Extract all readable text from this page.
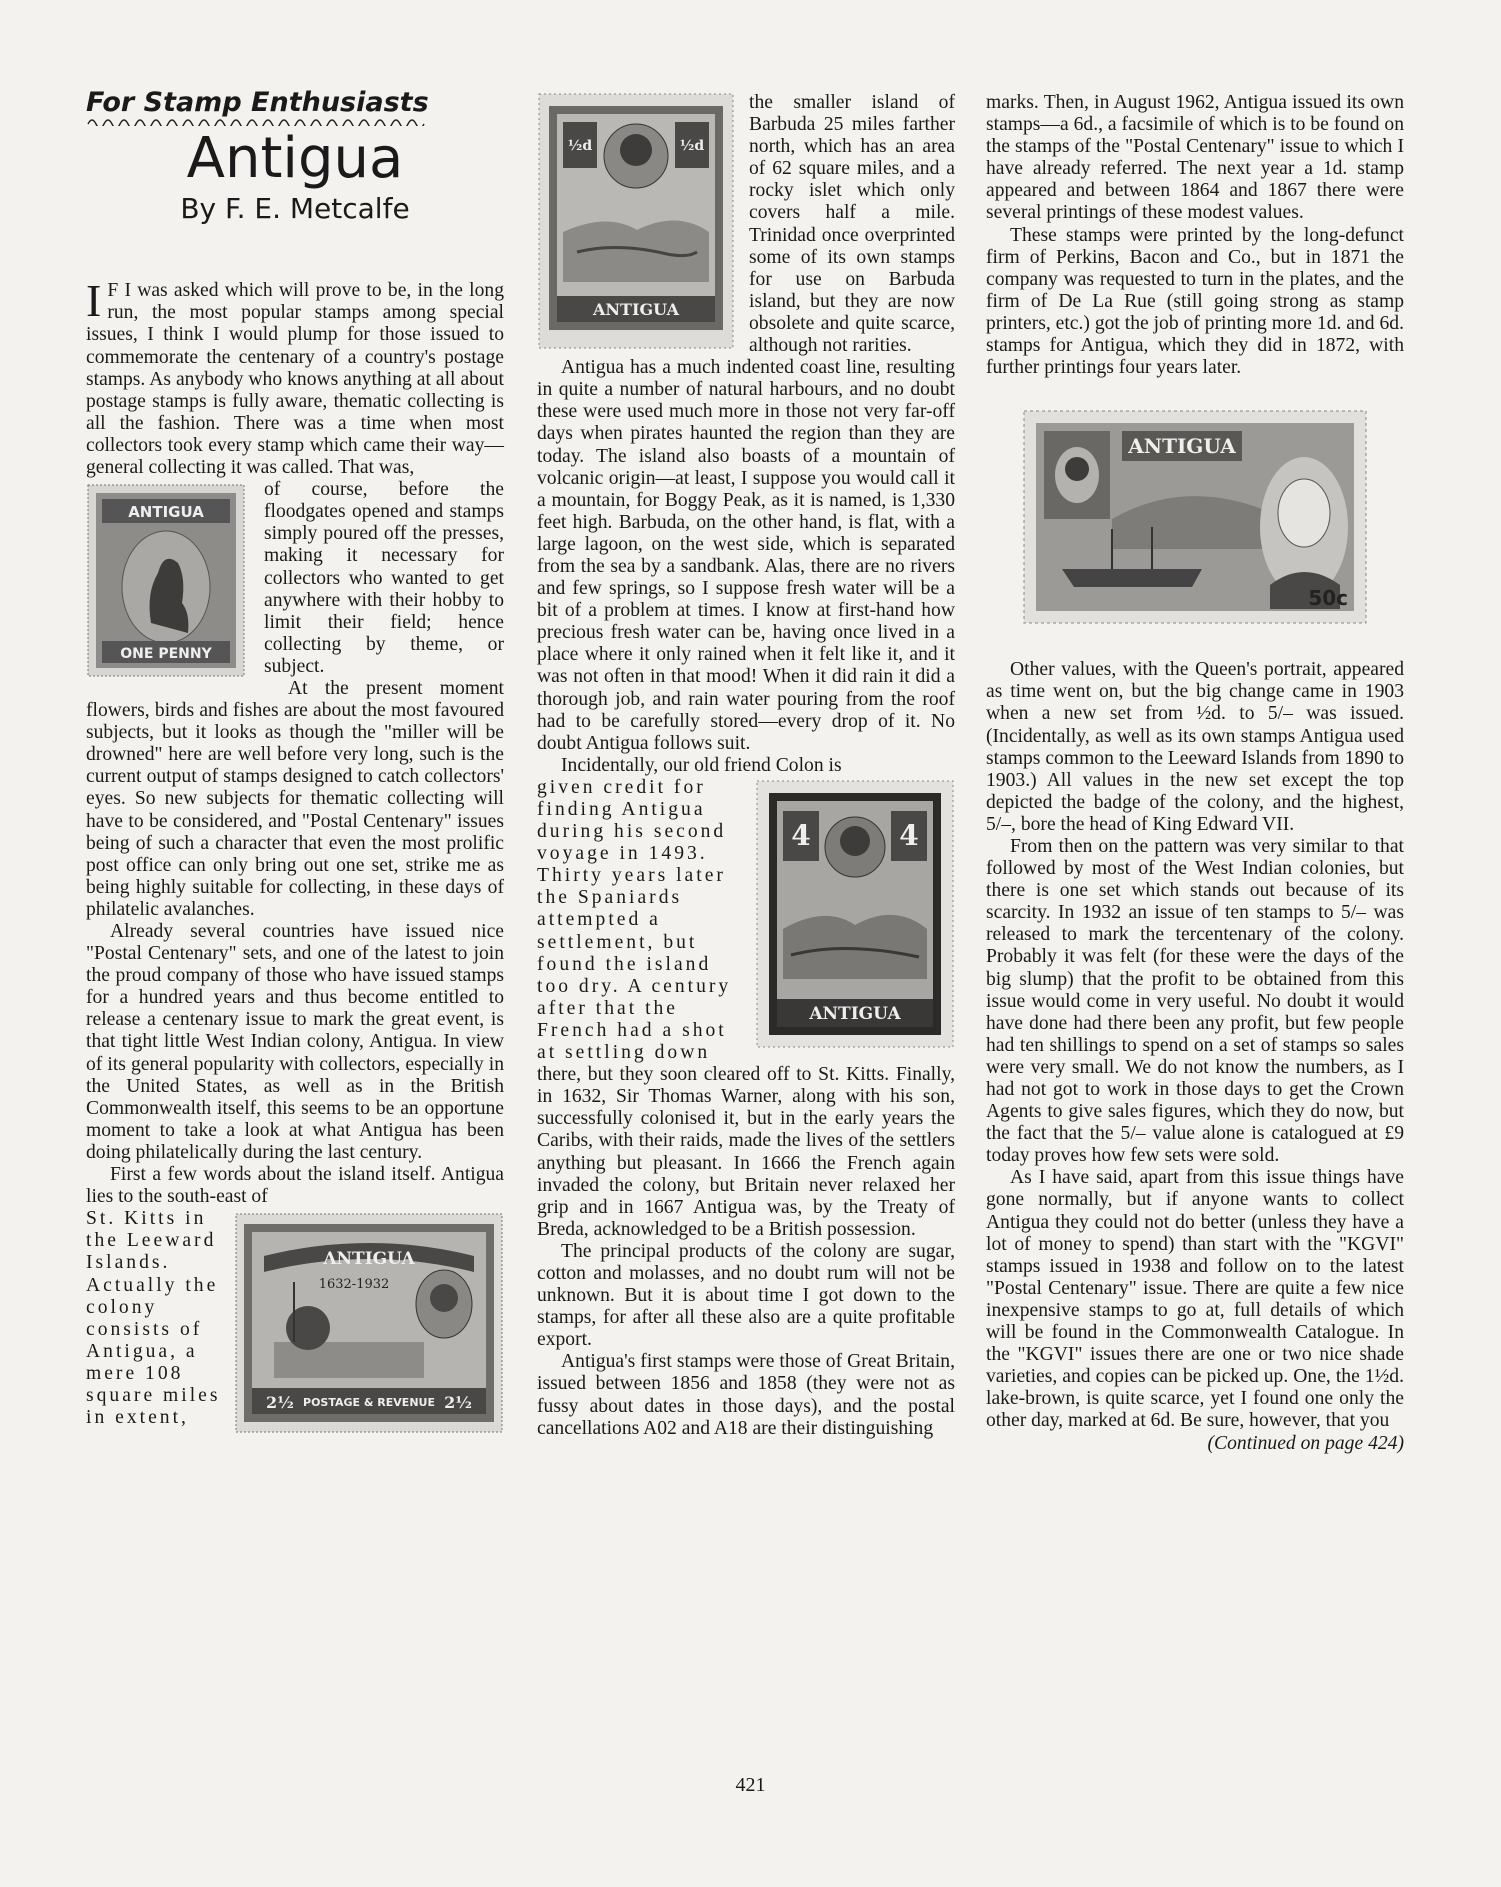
For Stamp Enthusiasts
Antigua
By F. E. Metcalfe

I F I was asked which will prove to be, in the long run, the most popular stamps among special issues, I think I would plump for those issued to commemorate the centenary of a country's postage stamps. As anybody who knows anything at all about postage stamps is fully aware, thematic collecting is all the fashion. There was a time when most collectors took every stamp which came their way—general collecting it was called. That was,

ANTIGUA
ONE PENNY

of course, before the floodgates opened and stamps simply poured off the presses, making it necessary for collectors who wanted to get anywhere with their hobby to limit their field; hence collecting by theme, or subject.

At the present moment flowers, birds and fishes are about the most favoured subjects, but it looks as though the "miller will be drowned" here are well before very long, such is the current output of stamps designed to catch collectors' eyes. So new subjects for thematic collecting will have to be considered, and "Postal Centenary" issues being of such a character that even the most prolific post office can only bring out one set, strike me as being highly suitable for collecting, in these days of philatelic avalanches.

Already several countries have issued nice "Postal Centenary" sets, and one of the latest to join the proud company of those who have issued stamps for a hundred years and thus become entitled to release a centenary issue to mark the great event, is that tight little West Indian colony, Antigua. In view of its general popularity with collectors, especially in the United States, as well as in the British Commonwealth itself, this seems to be an opportune moment to take a look at what Antigua has been doing philatelically during the last century.

First a few words about the island itself. Antigua lies to the south-east of

ANTIGUA
1632-1932
2½ POSTAGE & REVENUE 2½

St. Kitts in the Leeward Islands. Actually the colony consists of Antigua, a mere 108 square miles in extent,

½d	½d
ANTIGUA

the smaller island of Barbuda 25 miles farther north, which has an area of 62 square miles, and a rocky islet which only covers half a mile. Trinidad once overprinted some of its own stamps for use on Barbuda island, but they are now obsolete and quite scarce, although not rarities.

Antigua has a much indented coast line, resulting in quite a number of natural harbours, and no doubt these were used much more in those not very far-off days when pirates haunted the region than they are today. The island also boasts of a mountain of volcanic origin—at least, I suppose you would call it a mountain, for Boggy Peak, as it is named, is 1,330 feet high. Barbuda, on the other hand, is flat, with a large lagoon, on the west side, which is separated from the sea by a sandbank. Alas, there are no rivers and few springs, so I suppose fresh water will be a bit of a problem at times. I know at first-hand how precious fresh water can be, having once lived in a place where it only rained when it felt like it, and it was not often in that mood! When it did rain it did a thorough job, and rain water pouring from the roof had to be carefully stored—every drop of it. No doubt Antigua follows suit.

Incidentally, our old friend Colon is

4	4
ANTIGUA

given credit for finding Antigua during his second voyage in 1493. Thirty years later the Spaniards attempted a settlement, but found the island too dry. A century after that the French had a shot at settling down

there, but they soon cleared off to St. Kitts. Finally, in 1632, Sir Thomas Warner, along with his son, successfully colonised it, but in the early years the Caribs, with their raids, made the lives of the settlers anything but pleasant. In 1666 the French again invaded the colony, but Britain never relaxed her grip and in 1667 Antigua was, by the Treaty of Breda, acknowledged to be a British possession.

The principal products of the colony are sugar, cotton and molasses, and no doubt rum will not be unknown. But it is about time I got down to the stamps, for after all these also are a quite profitable export.

Antigua's first stamps were those of Great Britain, issued between 1856 and 1858 (they were not as fussy about dates in those days), and the postal cancellations A02 and A18 are their distinguishing

marks. Then, in August 1962, Antigua issued its own stamps—a 6d., a facsimile of which is to be found on the stamps of the "Postal Centenary" issue to which I have already referred. The next year a 1d. stamp appeared and between 1864 and 1867 there were several printings of these modest values.

These stamps were printed by the long-defunct firm of Perkins, Bacon and Co., but in 1871 the company was requested to turn in the plates, and the firm of De La Rue (still going strong as stamp printers, etc.) got the job of printing more 1d. and 6d. stamps for Antigua, which they did in 1872, with further printings four years later.

ANTIGUA
50c

Other values, with the Queen's portrait, appeared as time went on, but the big change came in 1903 when a new set from ½d. to 5/– was issued. (Incidentally, as well as its own stamps Antigua used stamps common to the Leeward Islands from 1890 to 1903.) All values in the new set except the top depicted the badge of the colony, and the highest, 5/–, bore the head of King Edward VII.

From then on the pattern was very similar to that followed by most of the West Indian colonies, but there is one set which stands out because of its scarcity. In 1932 an issue of ten stamps to 5/– was released to mark the tercentenary of the colony. Probably it was felt (for these were the days of the big slump) that the profit to be obtained from this issue would come in very useful. No doubt it would have done had there been any profit, but few people had ten shillings to spend on a set of stamps so sales were very small. We do not know the numbers, as I had not got to work in those days to get the Crown Agents to give sales figures, which they do now, but the fact that the 5/– value alone is catalogued at £9 today proves how few sets were sold.

As I have said, apart from this issue things have gone normally, but if anyone wants to collect Antigua they could not do better (unless they have a lot of money to spend) than start with the "KGVI" stamps issued in 1938 and follow on to the latest "Postal Centenary" issue. There are quite a few nice inexpensive stamps to go at, full details of which will be found in the Commonwealth Catalogue. In the "KGVI" issues there are one or two nice shade varieties, and copies can be picked up. One, the 1½d. lake-brown, is quite scarce, yet I found one only the other day, marked at 6d. Be sure, however, that you

(Continued on page 424)

421
